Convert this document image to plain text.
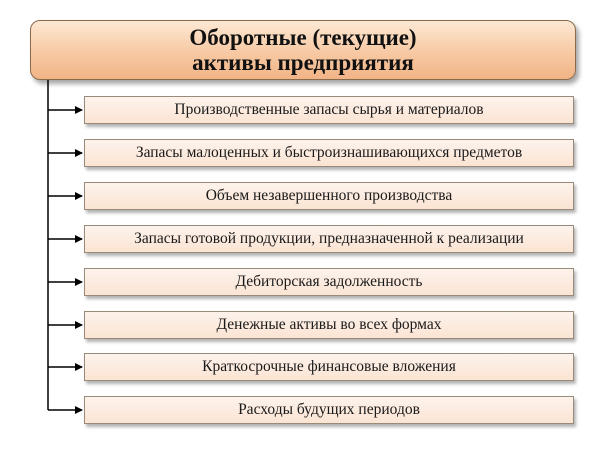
Оборотные (текущие)
активы предприятия
Производственные запасы сырья и материалов
Запасы малоценных и быстроизнашивающихся предметов
Объем незавершенного производства
Запасы готовой продукции, предназначенной к реализации
Дебиторская задолженность
Денежные активы во всех формах
Краткосрочные финансовые вложения
Расходы будущих периодов
